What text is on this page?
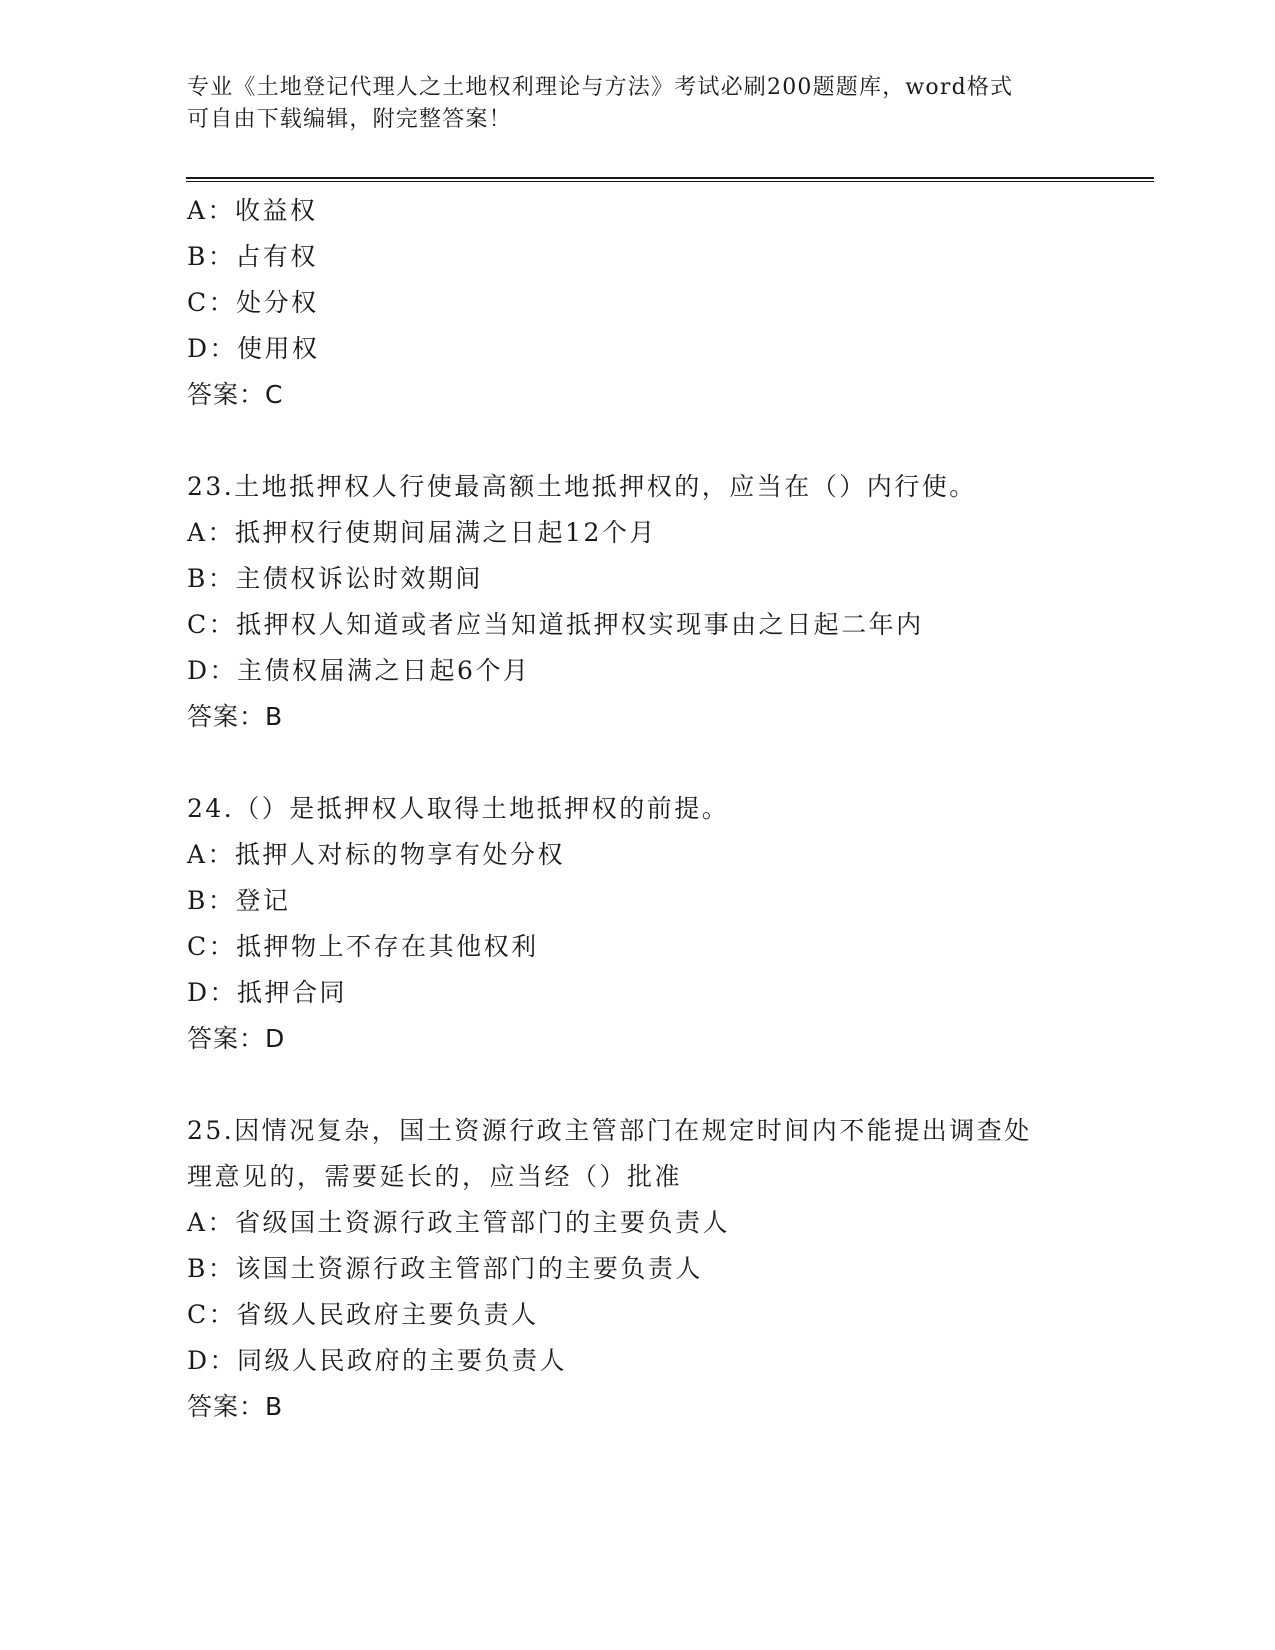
专业《土地登记代理人之土地权利理论与方法》考试必刷200题题库，word格式
可自由下载编辑，附完整答案！
A：收益权
B：占有权
C：处分权
D：使用权
答案：C
23.土地抵押权人行使最高额土地抵押权的，应当在（）内行使。
A：抵押权行使期间届满之日起12个月
B：主债权诉讼时效期间
C：抵押权人知道或者应当知道抵押权实现事由之日起二年内
D：主债权届满之日起6个月
答案：B
24.（）是抵押权人取得土地抵押权的前提。
A：抵押人对标的物享有处分权
B：登记
C：抵押物上不存在其他权利
D：抵押合同
答案：D
25.因情况复杂，国土资源行政主管部门在规定时间内不能提出调查处
理意见的，需要延长的，应当经（）批准
A：省级国土资源行政主管部门的主要负责人
B：该国土资源行政主管部门的主要负责人
C：省级人民政府主要负责人
D：同级人民政府的主要负责人
答案：B
